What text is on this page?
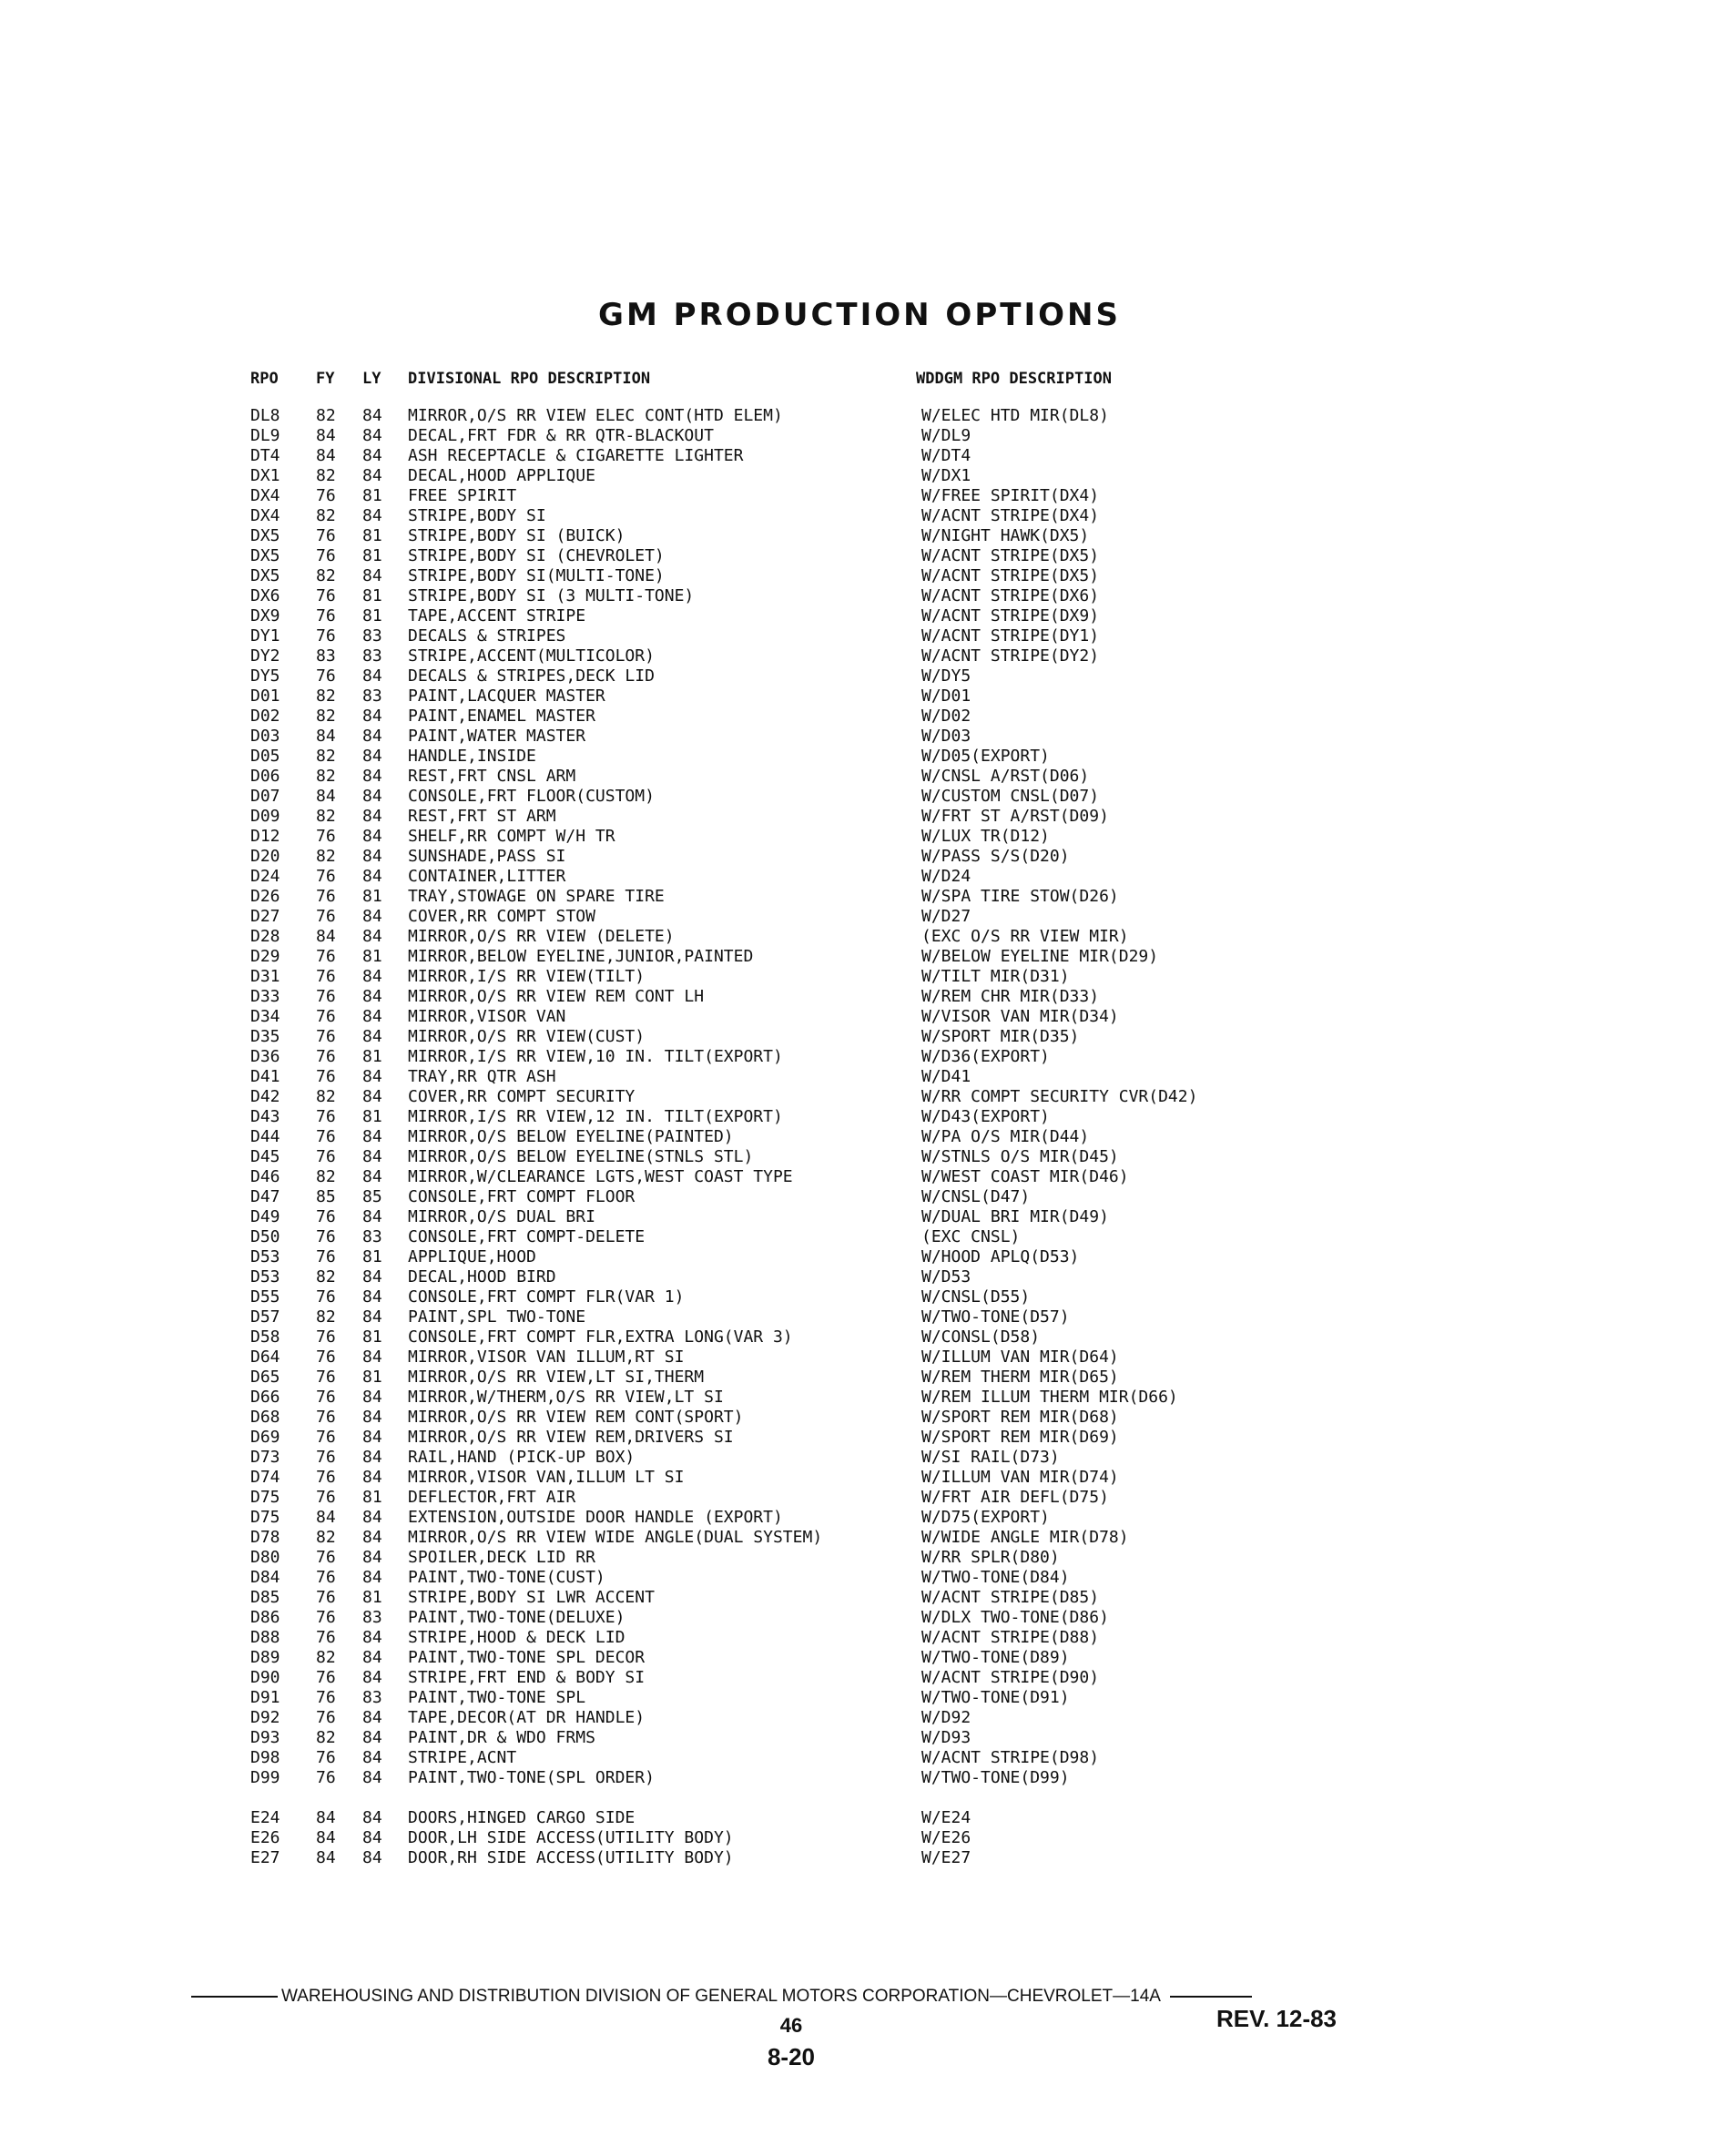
GM PRODUCTION OPTIONS
RPO FY LY DIVISIONAL RPO DESCRIPTION	WDDGM RPO DESCRIPTION
DL8 82 84 MIRROR,O/S RR VIEW ELEC CONT(HTD ELEM)	W/ELEC HTD MIR(DL8)
DL9 84 84 DECAL,FRT FDR & RR QTR-BLACKOUT	W/DL9
DT4 84 84 ASH RECEPTACLE & CIGARETTE LIGHTER	W/DT4
DX1 82 84 DECAL,HOOD APPLIQUE	W/DX1
DX4 76 81 FREE SPIRIT	W/FREE SPIRIT(DX4)
DX4 82 84 STRIPE,BODY SI	W/ACNT STRIPE(DX4)
DX5 76 81 STRIPE,BODY SI (BUICK)	W/NIGHT HAWK(DX5)
DX5 76 81 STRIPE,BODY SI (CHEVROLET)	W/ACNT STRIPE(DX5)
DX5 82 84 STRIPE,BODY SI(MULTI-TONE)	W/ACNT STRIPE(DX5)
DX6 76 81 STRIPE,BODY SI (3 MULTI-TONE)	W/ACNT STRIPE(DX6)
DX9 76 81 TAPE,ACCENT STRIPE	W/ACNT STRIPE(DX9)
DY1 76 83 DECALS & STRIPES	W/ACNT STRIPE(DY1)
DY2 83 83 STRIPE,ACCENT(MULTICOLOR)	W/ACNT STRIPE(DY2)
DY5 76 84 DECALS & STRIPES,DECK LID	W/DY5
D01 82 83 PAINT,LACQUER MASTER	W/D01
D02 82 84 PAINT,ENAMEL MASTER	W/D02
D03 84 84 PAINT,WATER MASTER	W/D03
D05 82 84 HANDLE,INSIDE	W/D05(EXPORT)
D06 82 84 REST,FRT CNSL ARM	W/CNSL A/RST(D06)
D07 84 84 CONSOLE,FRT FLOOR(CUSTOM)	W/CUSTOM CNSL(D07)
D09 82 84 REST,FRT ST ARM	W/FRT ST A/RST(D09)
D12 76 84 SHELF,RR COMPT W/H TR	W/LUX TR(D12)
D20 82 84 SUNSHADE,PASS SI	W/PASS S/S(D20)
D24 76 84 CONTAINER,LITTER	W/D24
D26 76 81 TRAY,STOWAGE ON SPARE TIRE	W/SPA TIRE STOW(D26)
D27 76 84 COVER,RR COMPT STOW	W/D27
D28 84 84 MIRROR,O/S RR VIEW (DELETE)	(EXC O/S RR VIEW MIR)
D29 76 81 MIRROR,BELOW EYELINE,JUNIOR,PAINTED	W/BELOW EYELINE MIR(D29)
D31 76 84 MIRROR,I/S RR VIEW(TILT)	W/TILT MIR(D31)
D33 76 84 MIRROR,O/S RR VIEW REM CONT LH	W/REM CHR MIR(D33)
D34 76 84 MIRROR,VISOR VAN	W/VISOR VAN MIR(D34)
D35 76 84 MIRROR,O/S RR VIEW(CUST)	W/SPORT MIR(D35)
D36 76 81 MIRROR,I/S RR VIEW,10 IN. TILT(EXPORT)	W/D36(EXPORT)
D41 76 84 TRAY,RR QTR ASH	W/D41
D42 82 84 COVER,RR COMPT SECURITY	W/RR COMPT SECURITY CVR(D42)
D43 76 81 MIRROR,I/S RR VIEW,12 IN. TILT(EXPORT)	W/D43(EXPORT)
D44 76 84 MIRROR,O/S BELOW EYELINE(PAINTED)	W/PA O/S MIR(D44)
D45 76 84 MIRROR,O/S BELOW EYELINE(STNLS STL)	W/STNLS O/S MIR(D45)
D46 82 84 MIRROR,W/CLEARANCE LGTS,WEST COAST TYPE	W/WEST COAST MIR(D46)
D47 85 85 CONSOLE,FRT COMPT FLOOR	W/CNSL(D47)
D49 76 84 MIRROR,O/S DUAL BRI	W/DUAL BRI MIR(D49)
D50 76 83 CONSOLE,FRT COMPT-DELETE	(EXC CNSL)
D53 76 81 APPLIQUE,HOOD	W/HOOD APLQ(D53)
D53 82 84 DECAL,HOOD BIRD	W/D53
D55 76 84 CONSOLE,FRT COMPT FLR(VAR 1)	W/CNSL(D55)
D57 82 84 PAINT,SPL TWO-TONE	W/TWO-TONE(D57)
D58 76 81 CONSOLE,FRT COMPT FLR,EXTRA LONG(VAR 3)	W/CONSL(D58)
D64 76 84 MIRROR,VISOR VAN ILLUM,RT SI	W/ILLUM VAN MIR(D64)
D65 76 81 MIRROR,O/S RR VIEW,LT SI,THERM	W/REM THERM MIR(D65)
D66 76 84 MIRROR,W/THERM,O/S RR VIEW,LT SI	W/REM ILLUM THERM MIR(D66)
D68 76 84 MIRROR,O/S RR VIEW REM CONT(SPORT)	W/SPORT REM MIR(D68)
D69 76 84 MIRROR,O/S RR VIEW REM,DRIVERS SI	W/SPORT REM MIR(D69)
D73 76 84 RAIL,HAND (PICK-UP BOX)	W/SI RAIL(D73)
D74 76 84 MIRROR,VISOR VAN,ILLUM LT SI	W/ILLUM VAN MIR(D74)
D75 76 81 DEFLECTOR,FRT AIR	W/FRT AIR DEFL(D75)
D75 84 84 EXTENSION,OUTSIDE DOOR HANDLE (EXPORT)	W/D75(EXPORT)
D78 82 84 MIRROR,O/S RR VIEW WIDE ANGLE(DUAL SYSTEM)	W/WIDE ANGLE MIR(D78)
D80 76 84 SPOILER,DECK LID RR	W/RR SPLR(D80)
D84 76 84 PAINT,TWO-TONE(CUST)	W/TWO-TONE(D84)
D85 76 81 STRIPE,BODY SI LWR ACCENT	W/ACNT STRIPE(D85)
D86 76 83 PAINT,TWO-TONE(DELUXE)	W/DLX TWO-TONE(D86)
D88 76 84 STRIPE,HOOD & DECK LID	W/ACNT STRIPE(D88)
D89 82 84 PAINT,TWO-TONE SPL DECOR	W/TWO-TONE(D89)
D90 76 84 STRIPE,FRT END & BODY SI	W/ACNT STRIPE(D90)
D91 76 83 PAINT,TWO-TONE SPL	W/TWO-TONE(D91)
D92 76 84 TAPE,DECOR(AT DR HANDLE)	W/D92
D93 82 84 PAINT,DR & WDO FRMS	W/D93
D98 76 84 STRIPE,ACNT	W/ACNT STRIPE(D98)
D99 76 84 PAINT,TWO-TONE(SPL ORDER)	W/TWO-TONE(D99)
E24 84 84 DOORS,HINGED CARGO SIDE	W/E24
E26 84 84 DOOR,LH SIDE ACCESS(UTILITY BODY)	W/E26
E27 84 84 DOOR,RH SIDE ACCESS(UTILITY BODY)	W/E27
WAREHOUSING AND DISTRIBUTION DIVISION OF GENERAL MOTORS CORPORATION—CHEVROLET—14A
REV. 12-83
46
8-20
